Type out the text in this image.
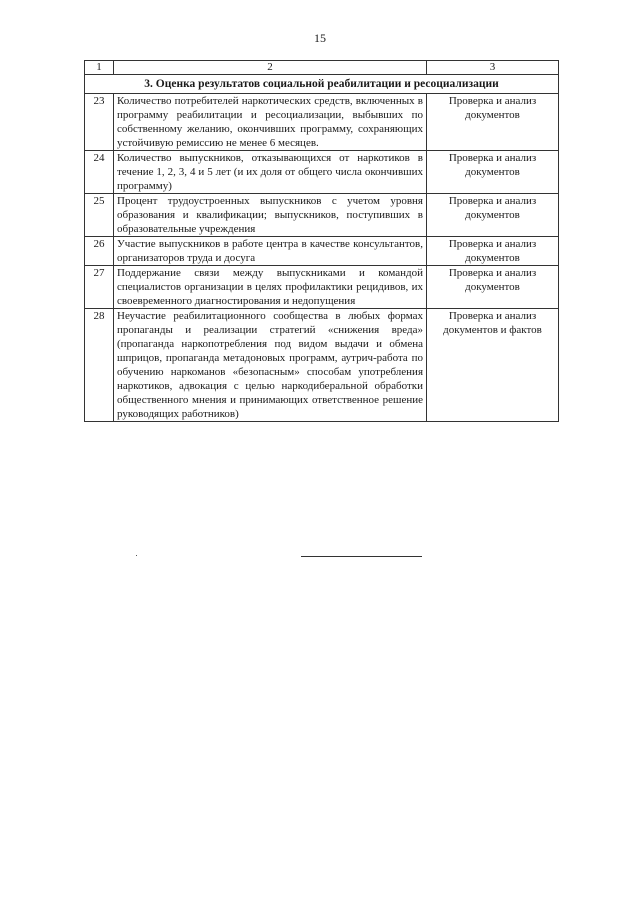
15
1	2	3
3. Оценка результатов социальной реабилитации и ресоциализации		
23	Количество потребителей наркотических средств, включенных в программу реабилитации и ресоциализации, выбывших по собственному желанию, окончивших программу, сохраняющих устойчивую ремиссию не менее 6 месяцев.	Проверка и анализ документов
24	Количество выпускников, отказывающихся от наркотиков в течение 1, 2, 3, 4 и 5 лет (и их доля от общего числа окончивших программу)	Проверка и анализ документов
25	Процент трудоустроенных выпускников с учетом уровня образования и квалификации; выпускников, поступивших в образовательные учреждения	Проверка и анализ документов
26	Участие выпускников в работе центра в качестве консультантов, организаторов труда и досуга	Проверка и анализ документов
27	Поддержание связи между выпускниками и командой специалистов организации в целях профилактики рецидивов, их своевременного диагностирования и недопущения	Проверка и анализ документов
28	Неучастие реабилитационного сообщества в любых формах пропаганды и реализации стратегий «снижения вреда» (пропаганда наркопотребления под видом выдачи и обмена шприцов, пропаганда метадоновых программ, аутрич-работа по обучению наркоманов «безопасным» способам употребления наркотиков, адвокация с целью наркодиберальной обработки общественного мнения и принимающих ответственное решение руководящих работников)	Проверка и анализ документов и фактов
